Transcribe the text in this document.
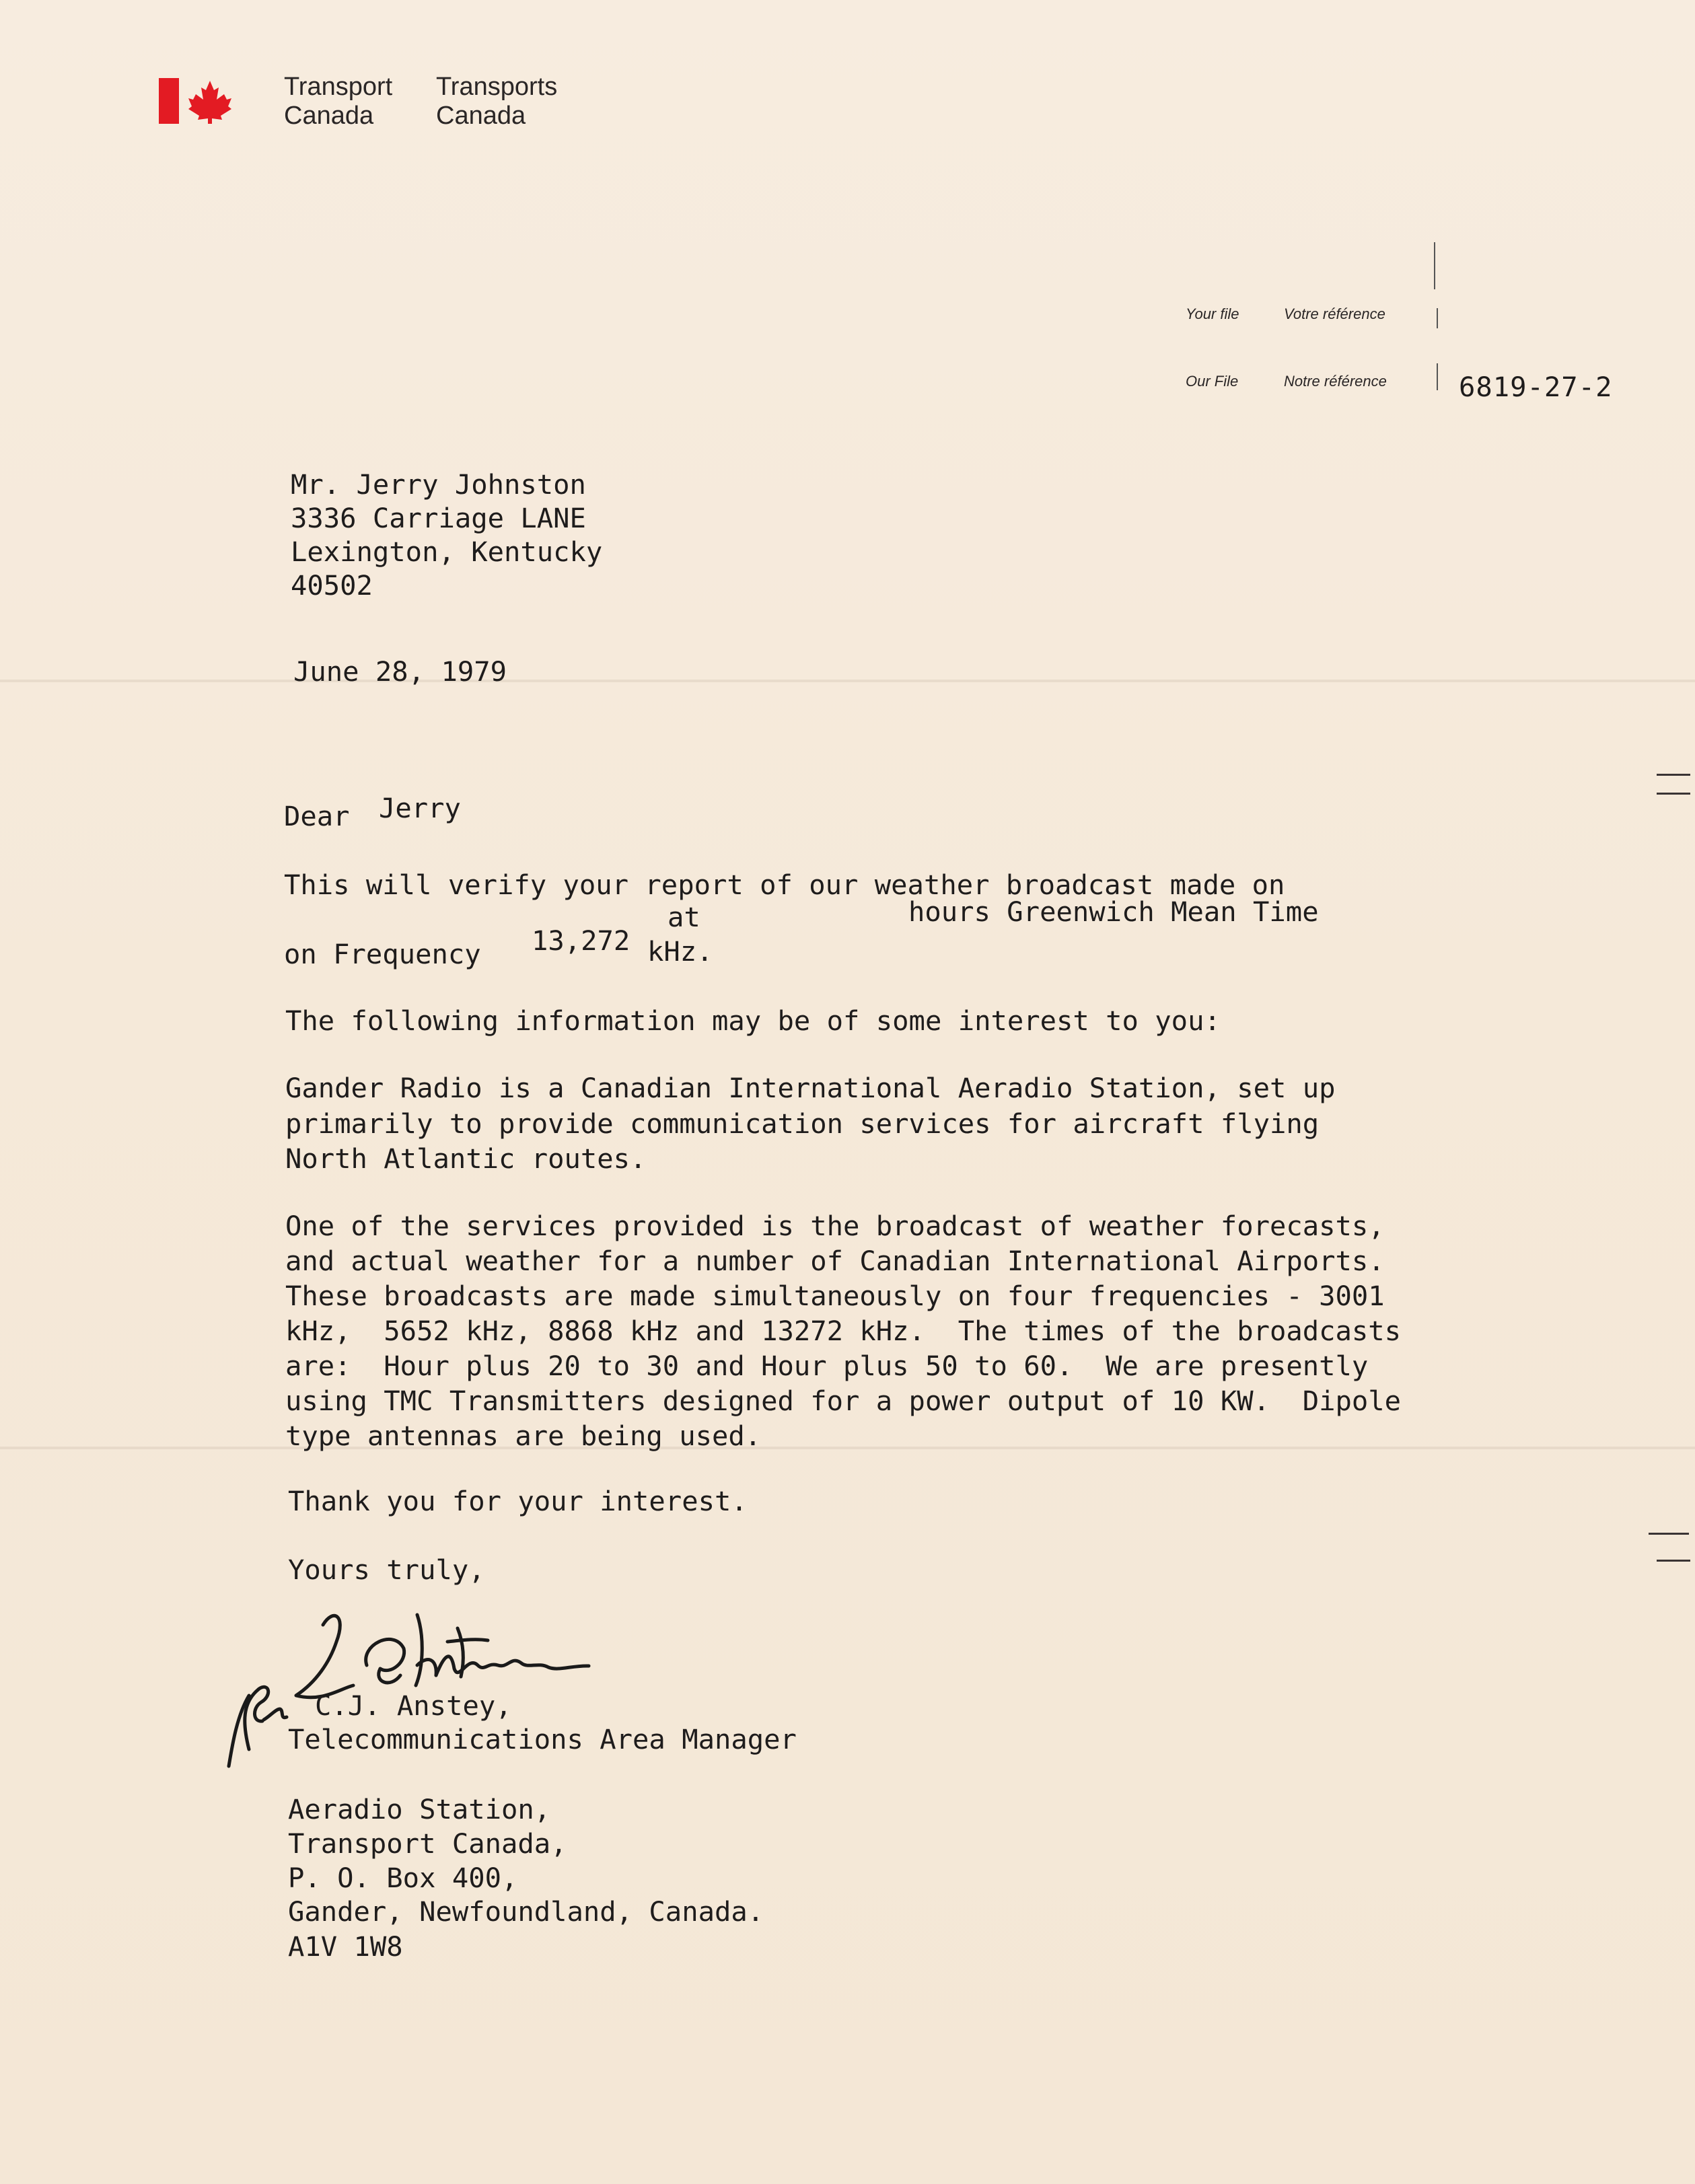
Transport
Canada
Transports
Canada
Your file	Votre référence
Our File	Notre référence	6819-27-2
Mr. Jerry Johnston
3336 Carriage LANE
Lexington, Kentucky
40502
June 28, 1979
Dear Jerry
This will verify your report of our weather broadcast made on
at	hours Greenwich Mean Time
on Frequency 13,272 kHz.
The following information may be of some interest to you:
Gander Radio is a Canadian International Aeradio Station, set up
primarily to provide communication services for aircraft flying
North Atlantic routes.
One of the services provided is the broadcast of weather forecasts,
and actual weather for a number of Canadian International Airports.
These broadcasts are made simultaneously on four frequencies - 3001
kHz,  5652 kHz, 8868 kHz and 13272 kHz.  The times of the broadcasts
are:  Hour plus 20 to 30 and Hour plus 50 to 60.  We are presently
using TMC Transmitters designed for a power output of 10 KW.  Dipole
type antennas are being used.
Thank you for your interest.
Yours truly,
C.J. Anstey,
Telecommunications Area Manager
Aeradio Station,
Transport Canada,
P. O. Box 400,
Gander, Newfoundland, Canada.
A1V 1W8
